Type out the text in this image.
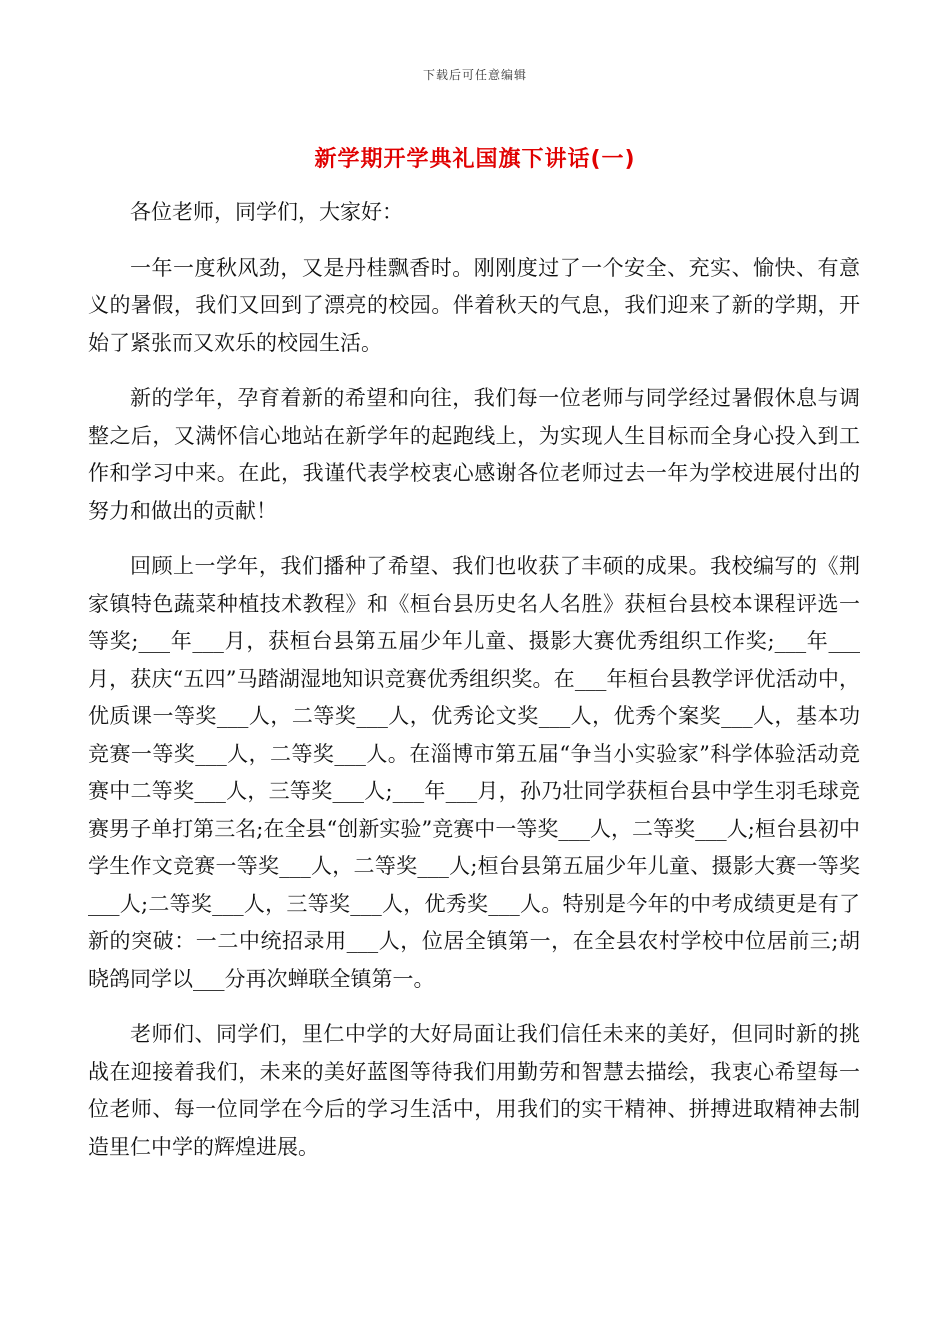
下载后可任意编辑
新学期开学典礼国旗下讲话(一)

各位老师，同学们，大家好：

一年一度秋风劲，又是丹桂飘香时。刚刚度过了一个安全、充实、愉快、有意义的暑假，我们又回到了漂亮的校园。伴着秋天的气息，我们迎来了新的学期，开始了紧张而又欢乐的校园生活。

新的学年，孕育着新的希望和向往，我们每一位老师与同学经过暑假休息与调整之后，又满怀信心地站在新学年的起跑线上，为实现人生目标而全身心投入到工作和学习中来。在此，我谨代表学校衷心感谢各位老师过去一年为学校进展付出的努力和做出的贡献！

回顾上一学年，我们播种了希望、我们也收获了丰硕的成果。我校编写的《荆家镇特色蔬菜种植技术教程》和《桓台县历史名人名胜》获桓台县校本课程评选一等奖;___年___月，获桓台县第五届少年儿童、摄影大赛优秀组织工作奖;___年___月，获庆“五四”马踏湖湿地知识竞赛优秀组织奖。在___年桓台县教学评优活动中，优质课一等奖___人，二等奖___人，优秀论文奖___人，优秀个案奖___人，基本功竞赛一等奖___人，二等奖___人。在淄博市第五届“争当小实验家”科学体验活动竞赛中二等奖___人，三等奖___人;___年___月，孙乃壮同学获桓台县中学生羽毛球竞赛男子单打第三名;在全县“创新实验”竞赛中一等奖___人，二等奖___人;桓台县初中学生作文竞赛一等奖___人，二等奖___人;桓台县第五届少年儿童、摄影大赛一等奖___人;二等奖___人，三等奖___人，优秀奖___人。特别是今年的中考成绩更是有了新的突破：一二中统招录用___人，位居全镇第一，在全县农村学校中位居前三;胡晓鸽同学以___分再次蝉联全镇第一。

老师们、同学们，里仁中学的大好局面让我们信任未来的美好，但同时新的挑战在迎接着我们，未来的美好蓝图等待我们用勤劳和智慧去描绘，我衷心希望每一位老师、每一位同学在今后的学习生活中，用我们的实干精神、拼搏进取精神去制造里仁中学的辉煌进展。
